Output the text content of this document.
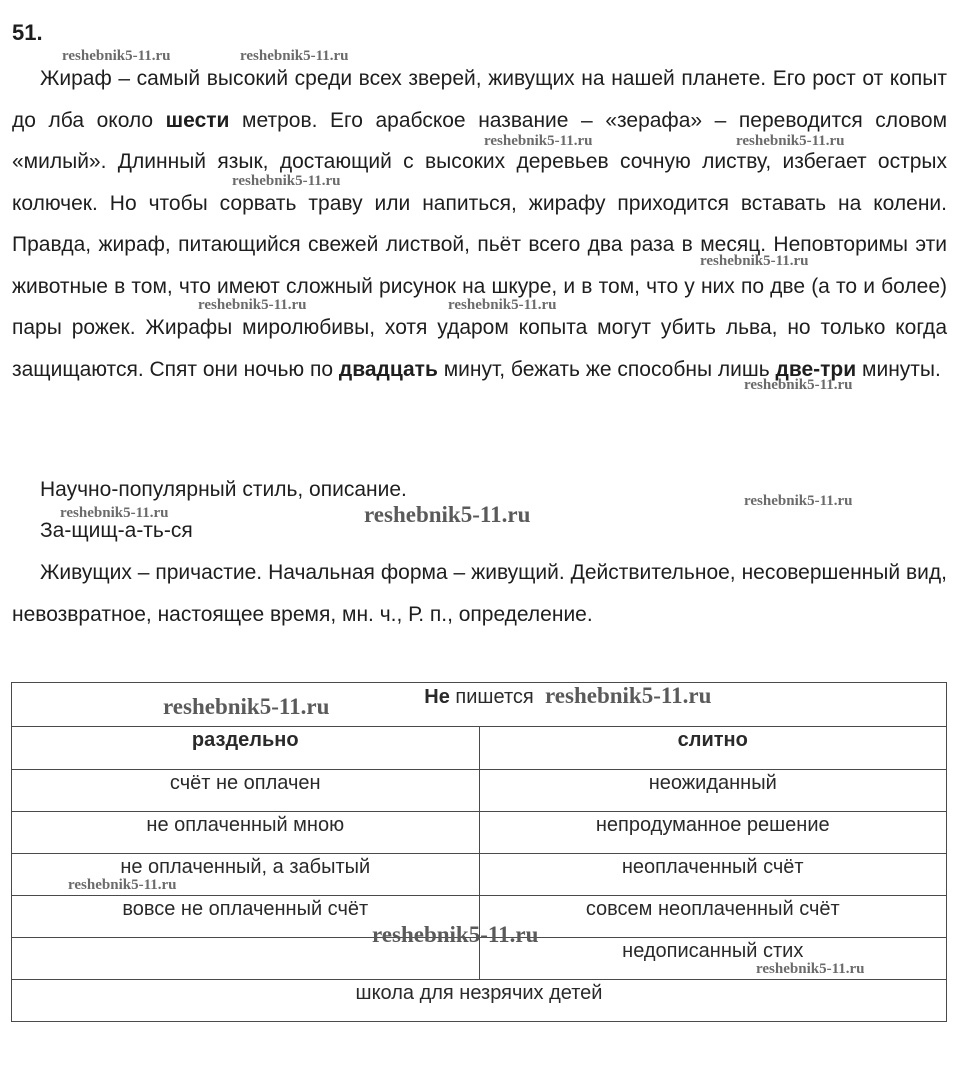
51.

Жираф – самый высокий среди всех зверей, живущих на нашей планете. Его рост от копыт до лба около шести метров. Его арабское название – «зерафа» – переводится словом «милый». Длинный язык, достающий с высоких деревьев сочную листву, избегает острых колючек. Но чтобы сорвать траву или напиться, жирафу приходится вставать на колени. Правда, жираф, питающийся свежей листвой, пьёт всего два раза в месяц. Неповторимы эти животные в том, что имеют сложный рисунок на шкуре, и в том, что у них по две (а то и более) пары рожек. Жирафы миролюбивы, хотя ударом копыта могут убить льва, но только когда защищаются. Спят они ночью по двадцать минут, бежать же способны лишь две-три минуты.

Научно-популярный стиль, описание.
За-щищ-а-ть-ся

Живущих – причастие. Начальная форма – живущий. Действительное, несовершенный вид, невозвратное, настоящее время, мн. ч., Р. п., определение.

Не пишется	
раздельно	слитно
счёт не оплачен	неожиданный
не оплаченный мною	непродуманное решение
не оплаченный, а забытый	неоплаченный счёт
вовсе не оплаченный счёт	совсем неоплаченный счёт
	недописанный стих
школа для незрячих детей	
reshebnik5-11.ru	reshebnik5-11.ru
reshebnik5-11.ru	reshebnik5-11.ru
reshebnik5-11.ru
reshebnik5-11.ru
reshebnik5-11.ru	reshebnik5-11.ru
reshebnik5-11.ru
reshebnik5-11.ru
reshebnik5-11.ru	reshebnik5-11.ru
reshebnik5-11.ru	reshebnik5-11.ru
reshebnik5-11.ru
reshebnik5-11.ru
reshebnik5-11.ru
